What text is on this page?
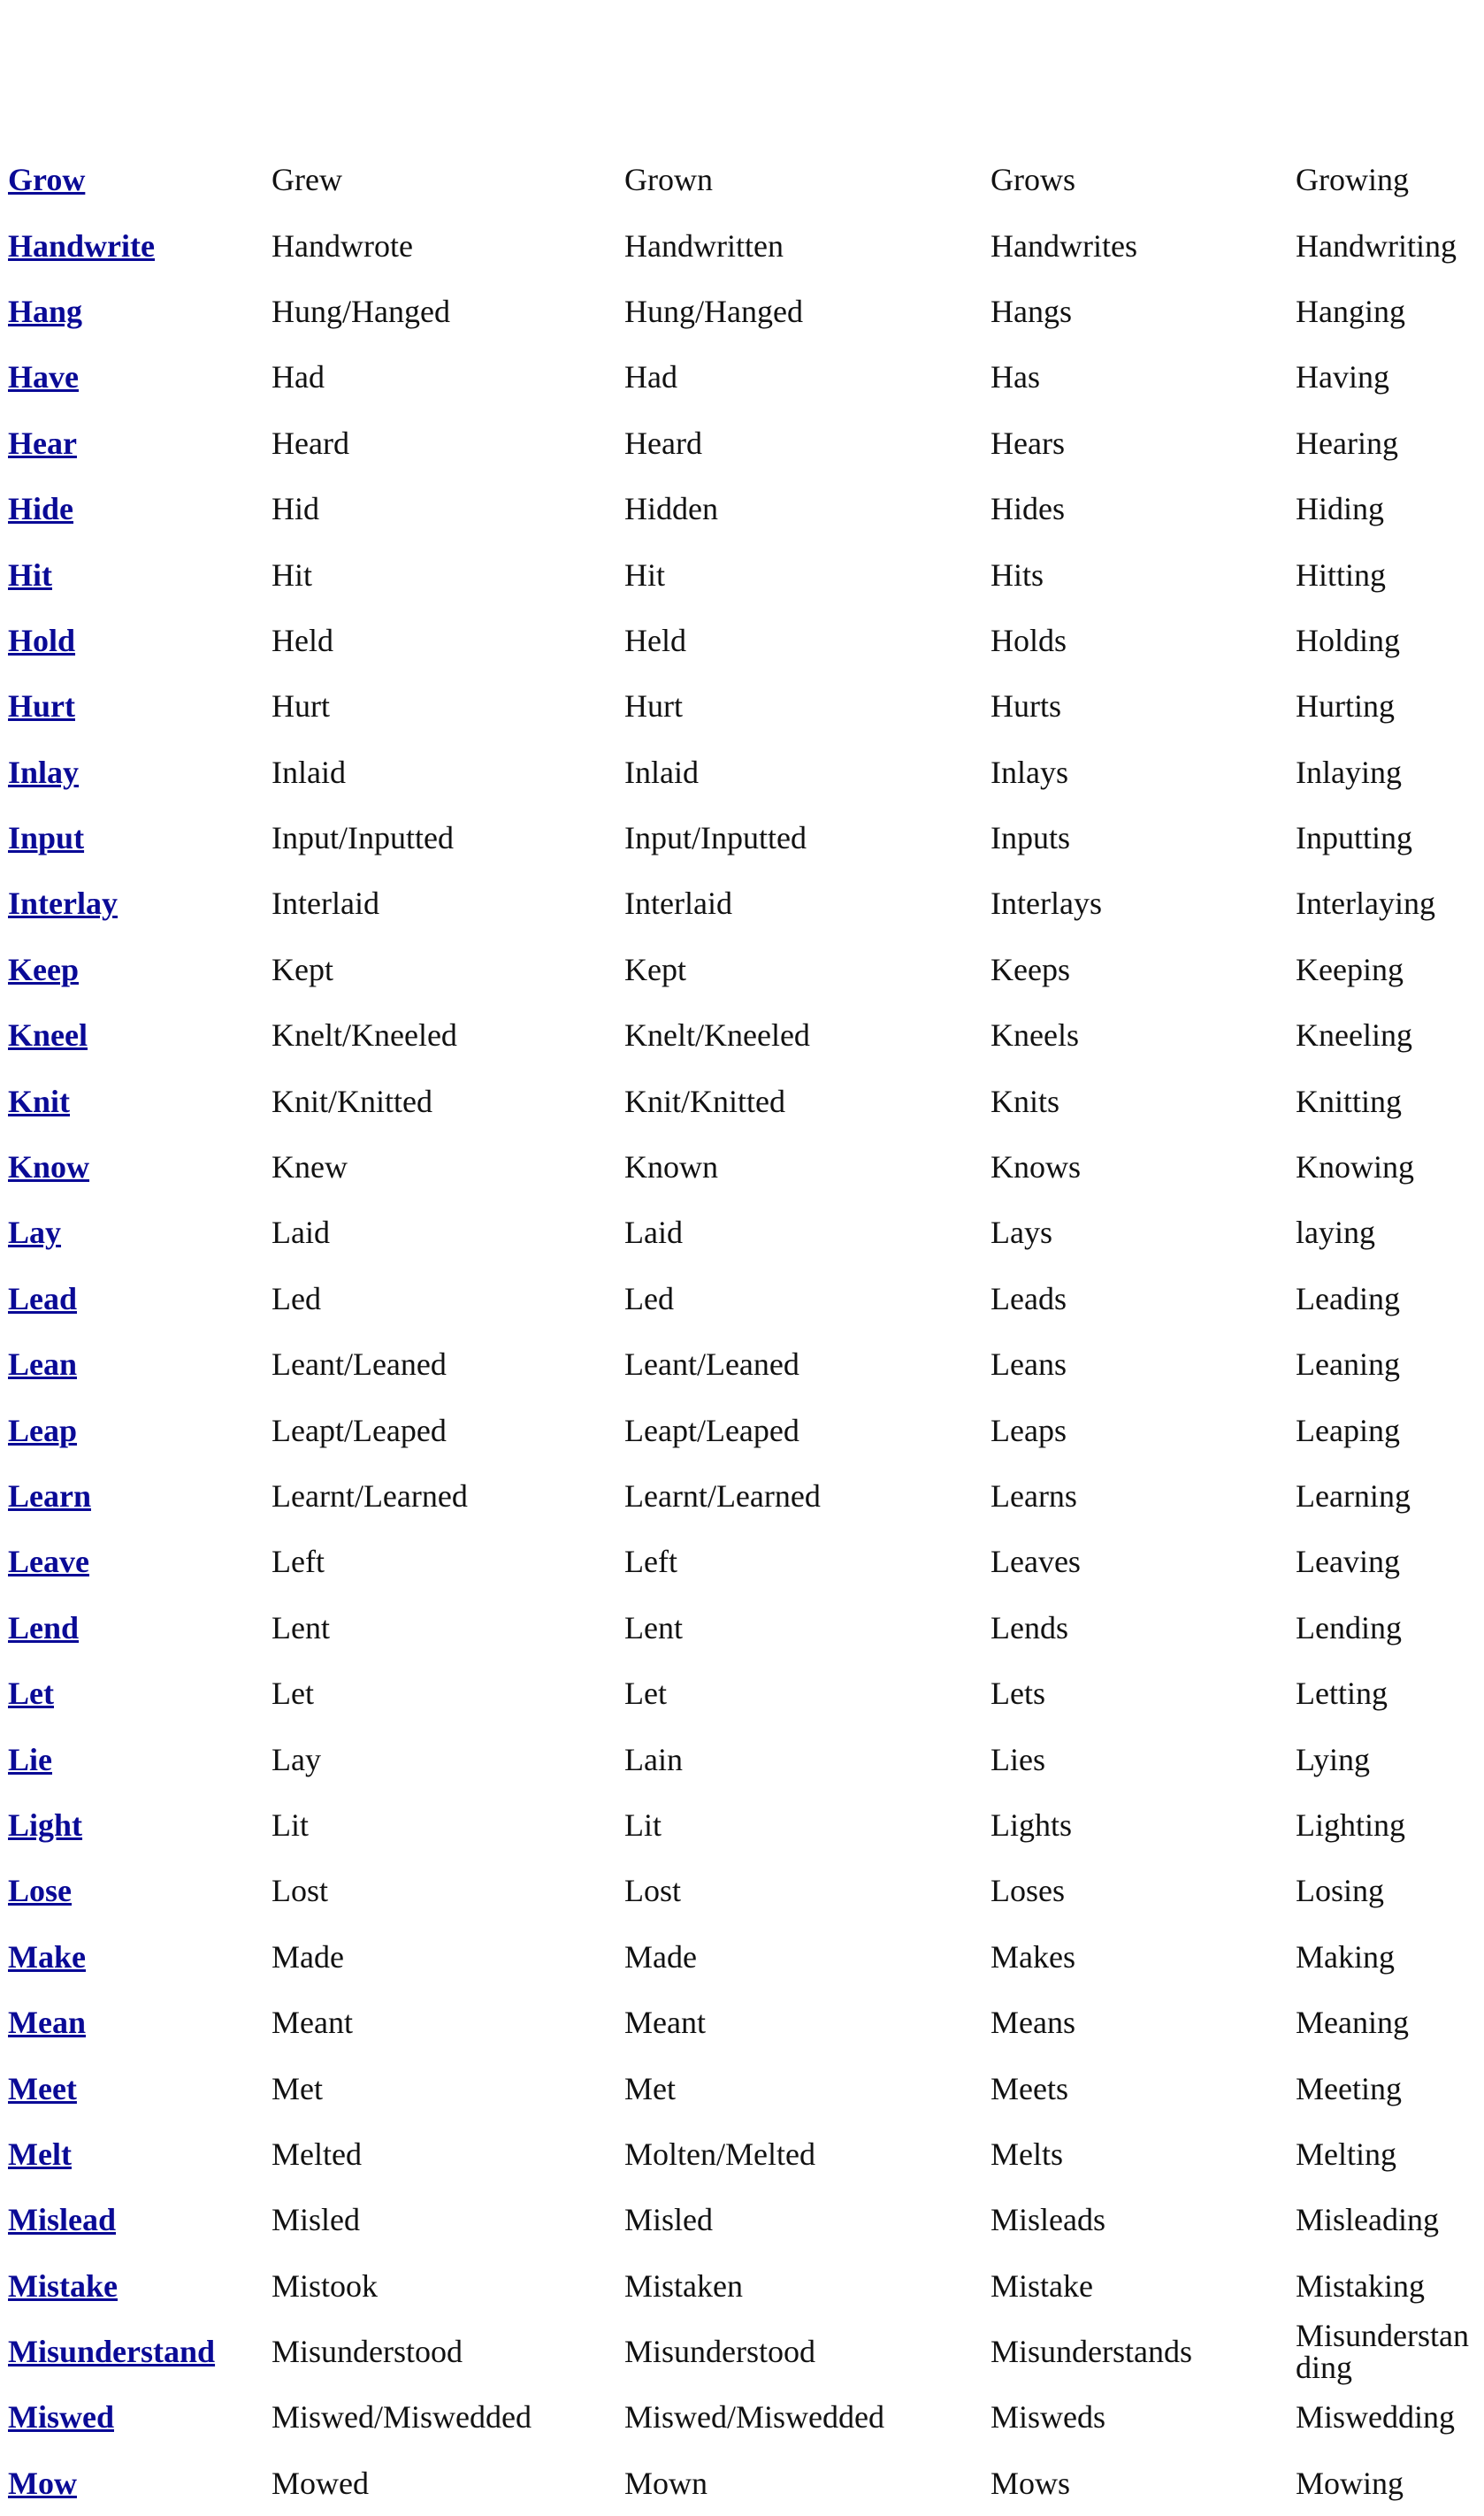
Grow	Grew	Grown	Grows	Growing
Handwrite	Handwrote	Handwritten	Handwrites	Handwriting
Hang	Hung/Hanged	Hung/Hanged	Hangs	Hanging
Have	Had	Had	Has	Having
Hear	Heard	Heard	Hears	Hearing
Hide	Hid	Hidden	Hides	Hiding
Hit	Hit	Hit	Hits	Hitting
Hold	Held	Held	Holds	Holding
Hurt	Hurt	Hurt	Hurts	Hurting
Inlay	Inlaid	Inlaid	Inlays	Inlaying
Input	Input/Inputted	Input/Inputted	Inputs	Inputting
Interlay	Interlaid	Interlaid	Interlays	Interlaying
Keep	Kept	Kept	Keeps	Keeping
Kneel	Knelt/Kneeled	Knelt/Kneeled	Kneels	Kneeling
Knit	Knit/Knitted	Knit/Knitted	Knits	Knitting
Know	Knew	Known	Knows	Knowing
Lay	Laid	Laid	Lays	laying
Lead	Led	Led	Leads	Leading
Lean	Leant/Leaned	Leant/Leaned	Leans	Leaning
Leap	Leapt/Leaped	Leapt/Leaped	Leaps	Leaping
Learn	Learnt/Learned	Learnt/Learned	Learns	Learning
Leave	Left	Left	Leaves	Leaving
Lend	Lent	Lent	Lends	Lending
Let	Let	Let	Lets	Letting
Lie	Lay	Lain	Lies	Lying
Light	Lit	Lit	Lights	Lighting
Lose	Lost	Lost	Loses	Losing
Make	Made	Made	Makes	Making
Mean	Meant	Meant	Means	Meaning
Meet	Met	Met	Meets	Meeting
Melt	Melted	Molten/Melted	Melts	Melting
Mislead	Misled	Misled	Misleads	Misleading
Mistake	Mistook	Mistaken	Mistake	Mistaking
Misunderstand Misunderstood	Misunderstood	Misunderstands	Misunderstanding
Miswed	Miswed/Miswedded	Miswed/Miswedded	Misweds	Miswedding
Mow	Mowed	Mown	Mows	Mowing
